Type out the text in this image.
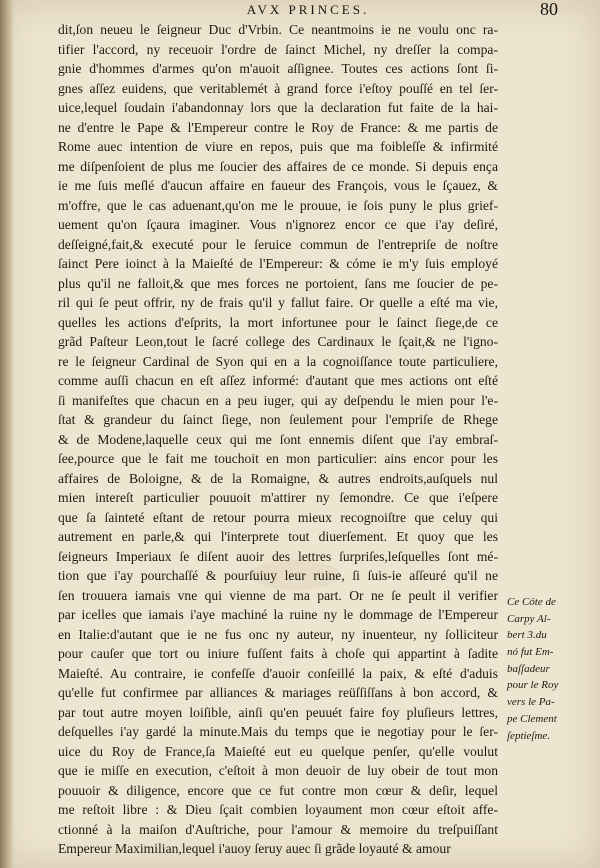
AVX PRINCES.	80
dit,ſon neueu le ſeigneur Duc d'Vrbin. Ce neantmoins ie ne voulu onc ra-
tifier l'accord, ny receuoir l'ordre de ſainct Michel, ny dreſſer la compa-
gnie d'hommes d'armes qu'on m'auoit aſſignee. Toutes ces actions ſont ſi-
gnes aſſez euidens, que veritablemét à grand force i'eſtoy pouſſé en tel ſer-
uice,lequel ſoudain i'abandonnay lors que la declaration fut faite de la hai-
ne d'entre le Pape & l'Empereur contre le Roy de France: & me partis de
Rome auec intention de viure en repos, puis que ma foibleſſe & infirmité
me diſpenſoient de plus me ſoucier des affaires de ce monde. Si depuis ença
ie me ſuis meſlé d'aucun affaire en faueur des François, vous le ſçauez, &
m'offre, que le cas aduenant,qu'on me le prouue, ie ſois puny le plus grief-
uement qu'on ſçaura imaginer. Vous n'ignorez encor ce que i'ay deſiré,
deſſeigné,fait,& executé pour le ſeruice commun de l'entrepriſe de noſtre
ſainct Pere ioinct à la Maieſté de l'Empereur: & cóme ie m'y ſuis employé
plus qu'il ne falloit,& que mes forces ne portoient, ſans me ſoucier de pe-
ril qui ſe peut offrir, ny de frais qu'il y fallut faire. Or quelle a eſté ma vie,
quelles les actions d'eſprits, la mort infortunee pour le ſainct ſiege,de ce
grãd Paſteur Leon,tout le ſacré college des Cardinaux le ſçait,& ne l'igno-
re le ſeigneur Cardinal de Syon qui en a la cognoiſſance toute particuliere,
comme auſſi chacun en eſt aſſez informé: d'autant que mes actions ont eſté
ſi manifeſtes que chacun en a peu iuger, qui ay deſpendu le mien pour l'e-
ſtat & grandeur du ſainct ſiege, non ſeulement pour l'empriſe de Rhege
& de Modene,laquelle ceux qui me ſont ennemis diſent que i'ay embraſ-
ſee,pource que le fait me touchoit en mon particulier: ains encor pour les
affaires de Boloigne, & de la Romaigne, & autres endroits,auſquels nul
mien intereſt particulier pouuoit m'attirer ny ſemondre. Ce que i'eſpere
que ſa ſainteté eſtant de retour pourra mieux recognoiſtre que celuy qui
autrement en parle,& qui l'interprete tout diuerſement. Et quoy que les
ſeigneurs Imperiaux ſe diſent auoir des lettres ſurpriſes,leſquelles ſont mé-
tion que i'ay pourchaſſé & pourſuiuy leur ruine, ſi ſuis-ie aſſeuré qu'il ne
ſen trouuera iamais vne qui vienne de ma part. Or ne ſe peult il verifier
par icelles que iamais i'aye machiné la ruine ny le dommage de l'Empereur
en Italie:d'autant que ie ne fus onc ny auteur, ny inuenteur, ny ſolliciteur
pour cauſer que tort ou iniure fuſſent faits à choſe qui appartint à ſadite
Maieſté. Au contraire, ie confeſſe d'auoir conſeillé la paix, & eſté d'aduis
qu'elle fut confirmee par alliances & mariages reüſſiſſans à bon accord, &
par tout autre moyen loiſible, ainſi qu'en peuuét faire foy pluſieurs lettres,
deſquelles i'ay gardé la minute.Mais du temps que ie negotiay pour le ſer-
uice du Roy de France,ſa Maieſté eut eu quelque penſer, qu'elle voulut
que ie miſſe en execution, c'eſtoit à mon deuoir de luy obeir de tout mon
pouuoir & diligence, encore que ce fut contre mon cœur & deſir, lequel
me reſtoit libre : & Dieu ſçait combien loyaument mon cœur eſtoit affe-
ctionné à la maiſon d'Auſtriche, pour l'amour & memoire du treſpuiſſant
Empereur Maximilian,lequel i'auoy ſeruy auec ſi grãde loyauté & amour
Ce Cóte de
Carpy Al-
bert 3.du
nó fut Em-
baſſadeur
pour le Roy
vers le Pa-
pe Clement
ſeptieſme.
